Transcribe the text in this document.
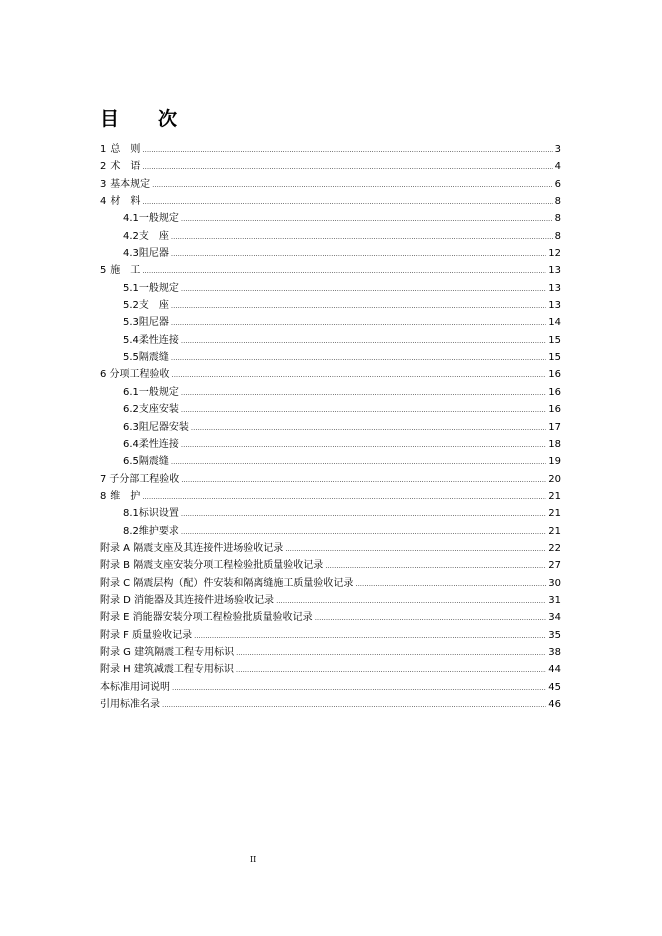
目　次
1 总　则 .....	3
2 术　语 .....	4
3 基本规定 .....	6
4 材　料 .....	8
4.1 一般规定 .....	8
4.2 支　座 .....	8
4.3 阻尼器 .....	12
5 施　工 .....	13
5.1 一般规定 .....	13
5.2 支　座 .....	13
5.3 阻尼器 .....	14
5.4 柔性连接 .....	15
5.5 隔震缝 .....	15
6 分项工程验收 .....	16
6.1 一般规定 .....	16
6.2 支座安装 .....	16
6.3 阻尼器安装 .....	17
6.4 柔性连接 .....	18
6.5 隔震缝 .....	19
7 子分部工程验收 .....	20
8 维　护 .....	21
8.1 标识设置 .....	21
8.2 维护要求 .....	21
附录 A 隔震支座及其连接件进场验收记录 .....	22
附录 B 隔震支座安装分项工程检验批质量验收记录 .....	27
附录 C 隔震层构（配）件安装和隔离缝施工质量验收记录 .....	30
附录 D 消能器及其连接件进场验收记录 .....	31
附录 E 消能器安装分项工程检验批质量验收记录 .....	34
附录 F 质量验收记录 .....	35
附录 G 建筑隔震工程专用标识 .....	38
附录 H 建筑减震工程专用标识 .....	44
本标准用词说明 .....	45
引用标准名录 .....	46
II
